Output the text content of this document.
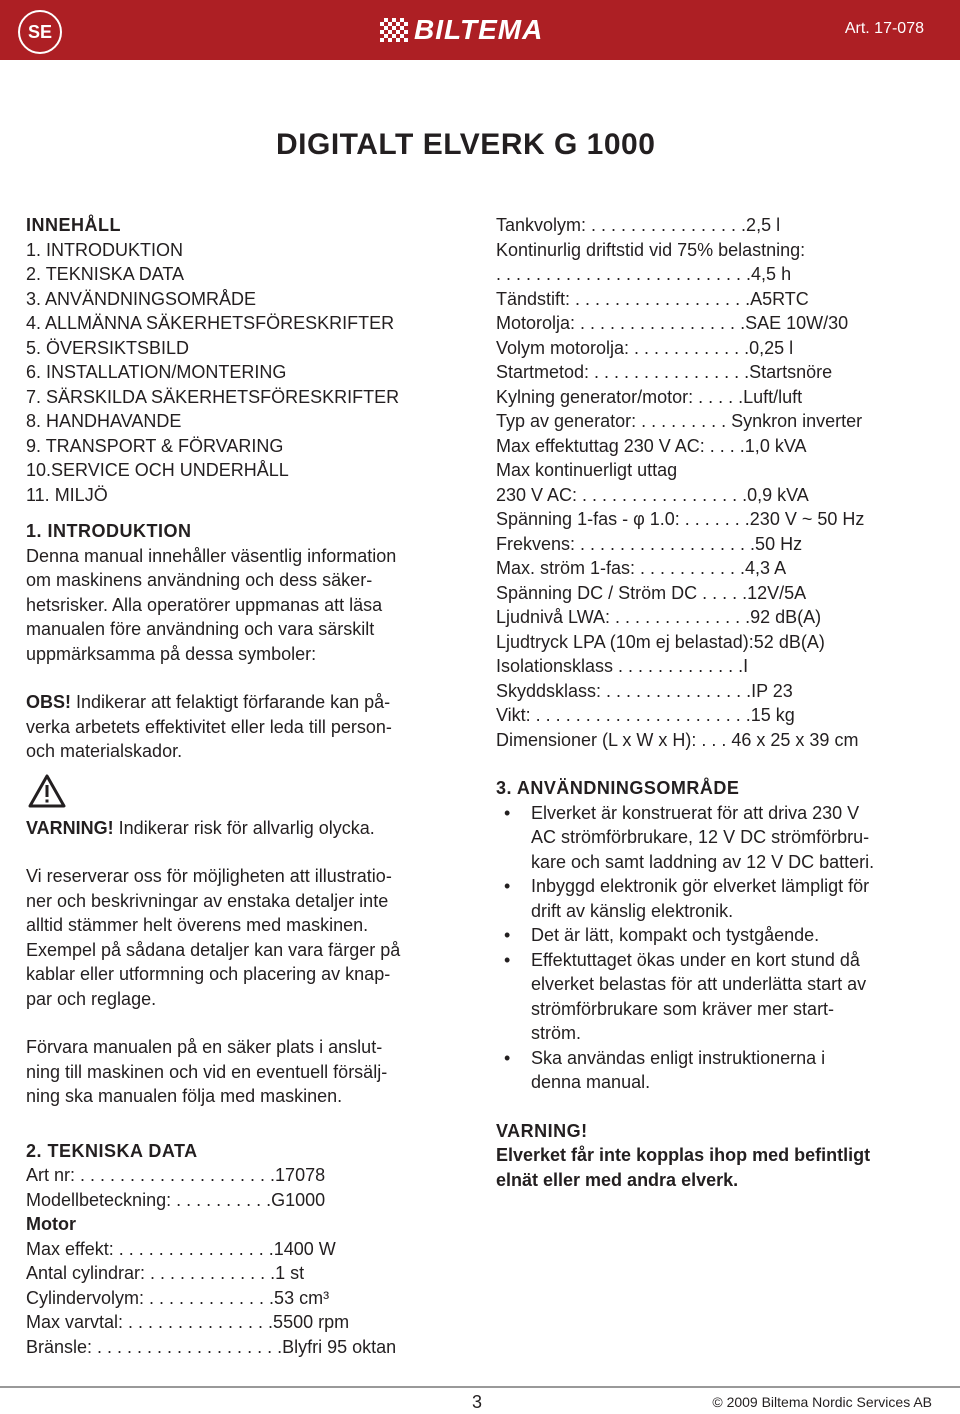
SE	BILTEMA	Art. 17-078
DIGITALT ELVERK G 1000
INNEHÅLL
1. INTRODUKTION
2. TEKNISKA DATA
3. ANVÄNDNINGSOMRÅDE
4. ALLMÄNNA SÄKERHETSFÖRESKRIFTER
5. ÖVERSIKTSBILD
6. INSTALLATION/MONTERING
7. SÄRSKILDA SÄKERHETSFÖRESKRIFTER
8. HANDHAVANDE
9. TRANSPORT & FÖRVARING
10.SERVICE OCH UNDERHÅLL
11. MILJÖ
1. INTRODUKTION
Denna manual innehåller väsentlig information
om maskinens användning och dess säker-
hetsrisker. Alla operatörer uppmanas att läsa
manualen före användning och vara särskilt
uppmärksamma på dessa symboler:
OBS! Indikerar att felaktigt förfarande kan på-
verka arbetets effektivitet eller leda till person-
och materialskador.
VARNING! Indikerar risk för allvarlig olycka.
Vi reserverar oss för möjligheten att illustratio-
ner och beskrivningar av enstaka detaljer inte
alltid stämmer helt överens med maskinen.
Exempel på sådana detaljer kan vara färger på
kablar eller utformning och placering av knap-
par och reglage.
Förvara manualen på en säker plats i anslut-
ning till maskinen och vid en eventuell försälj-
ning ska manualen följa med maskinen.
2. TEKNISKA DATA
Art nr: . . . . . . . . . . . . . . . . . . . .17078
Modellbeteckning: . . . . . . . . . .G1000
Motor
Max effekt: . . . . . . . . . . . . . . . .1400 W
Antal cylindrar: . . . . . . . . . . . . .1 st
Cylindervolym: . . . . . . . . . . . . .53 cm³
Max varvtal: . . . . . . . . . . . . . . .5500 rpm
Bränsle: . . . . . . . . . . . . . . . . . . .Blyfri 95 oktan
Tankvolym: . . . . . . . . . . . . . . . .2,5 l
Kontinurlig driftstid vid 75% belastning:
. . . . . . . . . . . . . . . . . . . . . . . . . .4,5 h
Tändstift: . . . . . . . . . . . . . . . . . .A5RTC
Motorolja: . . . . . . . . . . . . . . . . .SAE 10W/30
Volym motorolja: . . . . . . . . . . . .0,25 l
Startmetod: . . . . . . . . . . . . . . . .Startsnöre
Kylning generator/motor: . . . . .Luft/luft
Typ av generator: . . . . . . . . . Synkron inverter
Max effektuttag 230 V AC: . . . .1,0 kVA
Max kontinuerligt uttag
230 V AC: . . . . . . . . . . . . . . . . .0,9 kVA
Spänning 1-fas - φ 1.0: . . . . . . .230 V ~ 50 Hz
Frekvens: . . . . . . . . . . . . . . . . . .50 Hz
Max. ström 1-fas: . . . . . . . . . . .4,3 A
Spänning DC / Ström DC . . . . .12V/5A
Ljudnivå LWA: . . . . . . . . . . . . . .92 dB(A)
Ljudtryck LPA (10m ej belastad):52 dB(A)
Isolationsklass . . . . . . . . . . . . .I
Skyddsklass: . . . . . . . . . . . . . . .IP 23
Vikt: . . . . . . . . . . . . . . . . . . . . . .15 kg
Dimensioner (L x W x H): . . . 46 x 25 x 39 cm
3. ANVÄNDNINGSOMRÅDE
• Elverket är konstruerat för att driva 230 V
AC strömförbrukare, 12 V DC strömförbru-
kare och samt laddning av 12 V DC batteri.
• Inbyggd elektronik gör elverket lämpligt för
drift av känslig elektronik.
• Det är lätt, kompakt och tystgående.
• Effektuttaget ökas under en kort stund då
elverket belastas för att underlätta start av
strömförbrukare som kräver mer start-
ström.
• Ska användas enligt instruktionerna i
denna manual.
VARNING!
Elverket får inte kopplas ihop med befintligt
elnät eller med andra elverk.
3	© 2009 Biltema Nordic Services AB
